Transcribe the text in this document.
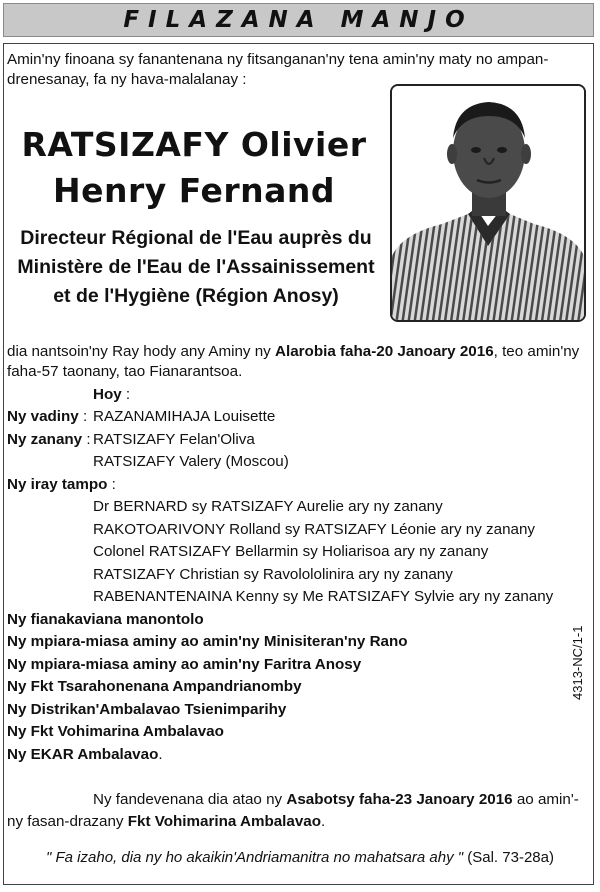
FILAZANA MANJO
Amin'ny finoana sy fanantenana ny fitsanganan'ny tena amin'ny maty no ampan-
drenesanay, fa ny hava-malalanay :
RATSIZAFY Olivier
Henry Fernand
Directeur Régional de l'Eau auprès du
Ministère de l'Eau de l'Assainissement
et de l'Hygiène (Région Anosy)
dia nantsoin'ny Ray hody any Aminy ny Alarobia faha-20 Janoary 2016, teo amin'ny
faha-57 taonany, tao Fianarantsoa.
Hoy :
Ny vadiny : RAZANAMIHAJA Louisette
Ny zanany : RATSIZAFY Felan'Oliva
RATSIZAFY Valery (Moscou)
Ny iray tampo :
Dr BERNARD sy RATSIZAFY Aurelie ary ny zanany
RAKOTOARIVONY Rolland sy RATSIZAFY Léonie ary ny zanany
Colonel RATSIZAFY Bellarmin sy Holiarisoa ary ny zanany
RATSIZAFY Christian sy Ravolololinira ary ny zanany
RABENANTENAINA Kenny sy Me RATSIZAFY Sylvie ary ny zanany
Ny fianakaviana manontolo
Ny mpiara-miasa aminy ao amin'ny Minisiteran'ny Rano
Ny mpiara-miasa aminy ao amin'ny Faritra Anosy
Ny Fkt Tsarahonenana Ampandrianomby
Ny Distrikan'Ambalavao Tsienimparihy
Ny Fkt Vohimarina Ambalavao
Ny EKAR Ambalavao.
Ny fandevenana dia atao ny Asabotsy faha-23 Janoary 2016 ao amin'-
ny fasan-drazany Fkt Vohimarina Ambalavao.
" Fa izaho, dia ny ho akaikin'Andriamanitra no mahatsara ahy " (Sal. 73-28a)
4313-NC/1-1
